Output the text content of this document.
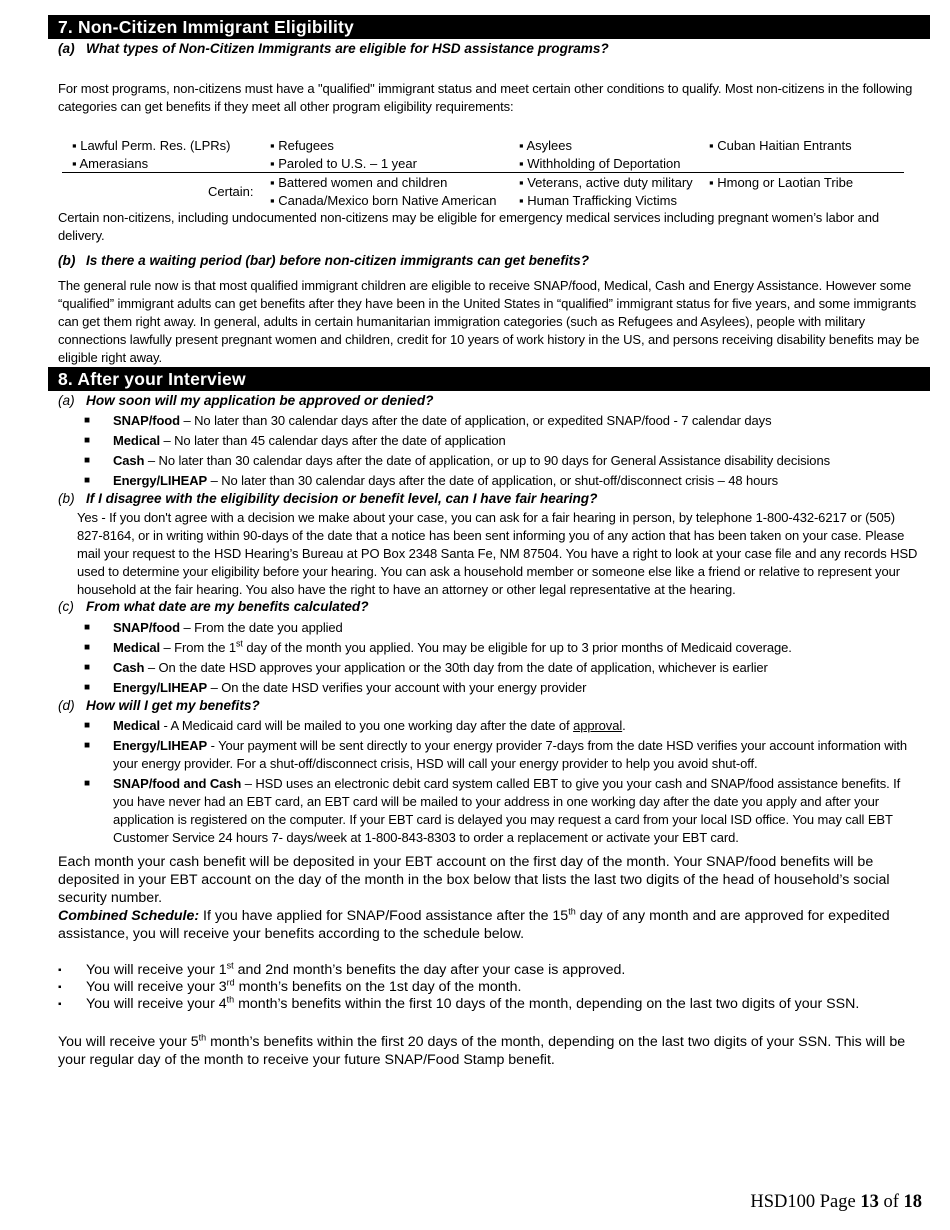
7. Non-Citizen Immigrant Eligibility
(a) What types of Non-Citizen Immigrants are eligible for HSD assistance programs?
For most programs, non-citizens must have a "qualified" immigrant status and meet certain other conditions to qualify. Most non-citizens in the following categories can get benefits if they meet all other program eligibility requirements:
▪ Lawful Perm. Res. (LPRs)	▪ Refugees	▪ Asylees	▪ Cuban Haitian Entrants
▪ Amerasians	▪ Paroled to U.S. – 1 year	▪ Withholding of Deportation
Certain:
▪ Battered women and children	▪ Veterans, active duty military ▪ Hmong or Laotian Tribe
▪ Canada/Mexico born Native American ▪ Human Trafficking Victims
Certain non-citizens, including undocumented non-citizens may be eligible for emergency medical services including pregnant women’s labor and delivery.
(b) Is there a waiting period (bar) before non-citizen immigrants can get benefits?
The general rule now is that most qualified immigrant children are eligible to receive SNAP/food, Medical, Cash and Energy Assistance. However some “qualified” immigrant adults can get benefits after they have been in the United States in “qualified” immigrant status for five years, and some immigrants can get them right away. In general, adults in certain humanitarian immigration categories (such as Refugees and Asylees), people with military connections lawfully present pregnant women and children, credit for 10 years of work history in the US, and persons receiving disability benefits may be eligible right away.
8. After your Interview
(a) How soon will my application be approved or denied?
■ SNAP/food – No later than 30 calendar days after the date of application, or expedited SNAP/food - 7 calendar days
■ Medical – No later than 45 calendar days after the date of application
■ Cash – No later than 30 calendar days after the date of application, or up to 90 days for General Assistance disability decisions
■ Energy/LIHEAP – No later than 30 calendar days after the date of application, or shut-off/disconnect crisis – 48 hours
(b) If I disagree with the eligibility decision or benefit level, can I have fair hearing?
Yes - If you don't agree with a decision we make about your case, you can ask for a fair hearing in person, by telephone 1-800-432-6217 or (505) 827-8164, or in writing within 90-days of the date that a notice has been sent informing you of any action that has been taken on your case. Please mail your request to the HSD Hearing’s Bureau at PO Box 2348 Santa Fe, NM 87504. You have a right to look at your case file and any records HSD used to determine your eligibility before your hearing. You can ask a household member or someone else like a friend or relative to represent your household at the fair hearing. You also have the right to have an attorney or other legal representative at the hearing.
(c) From what date are my benefits calculated?
■ SNAP/food – From the date you applied
■ Medical – From the 1st day of the month you applied. You may be eligible for up to 3 prior months of Medicaid coverage.
■ Cash – On the date HSD approves your application or the 30th day from the date of application, whichever is earlier
■ Energy/LIHEAP – On the date HSD verifies your account with your energy provider
(d) How will I get my benefits?
■ Medical - A Medicaid card will be mailed to you one working day after the date of approval.
■ Energy/LIHEAP - Your payment will be sent directly to your energy provider 7-days from the date HSD verifies your account information with your energy provider. For a shut-off/disconnect crisis, HSD will call your energy provider to help you avoid shut-off.
■ SNAP/food and Cash – HSD uses an electronic debit card system called EBT to give you your cash and SNAP/food assistance benefits. If you have never had an EBT card, an EBT card will be mailed to your address in one working day after the date you apply and after your application is registered on the computer. If your EBT card is delayed you may request a card from your local ISD office. You may call EBT Customer Service 24 hours 7- days/week at 1-800-843-8303 to order a replacement or activate your EBT card.
Each month your cash benefit will be deposited in your EBT account on the first day of the month. Your SNAP/food benefits will be deposited in your EBT account on the day of the month in the box below that lists the last two digits of the head of household’s social security number.
Combined Schedule: If you have applied for SNAP/Food assistance after the 15th day of any month and are approved for expedited assistance, you will receive your benefits according to the schedule below.
▪ You will receive your 1st and 2nd month’s benefits the day after your case is approved.
▪ You will receive your 3rd month’s benefits on the 1st day of the month.
▪ You will receive your 4th month’s benefits within the first 10 days of the month, depending on the last two digits of your SSN.
You will receive your 5th month’s benefits within the first 20 days of the month, depending on the last two digits of your SSN. This will be your regular day of the month to receive your future SNAP/Food Stamp benefit.
HSD100 Page 13 of 18
